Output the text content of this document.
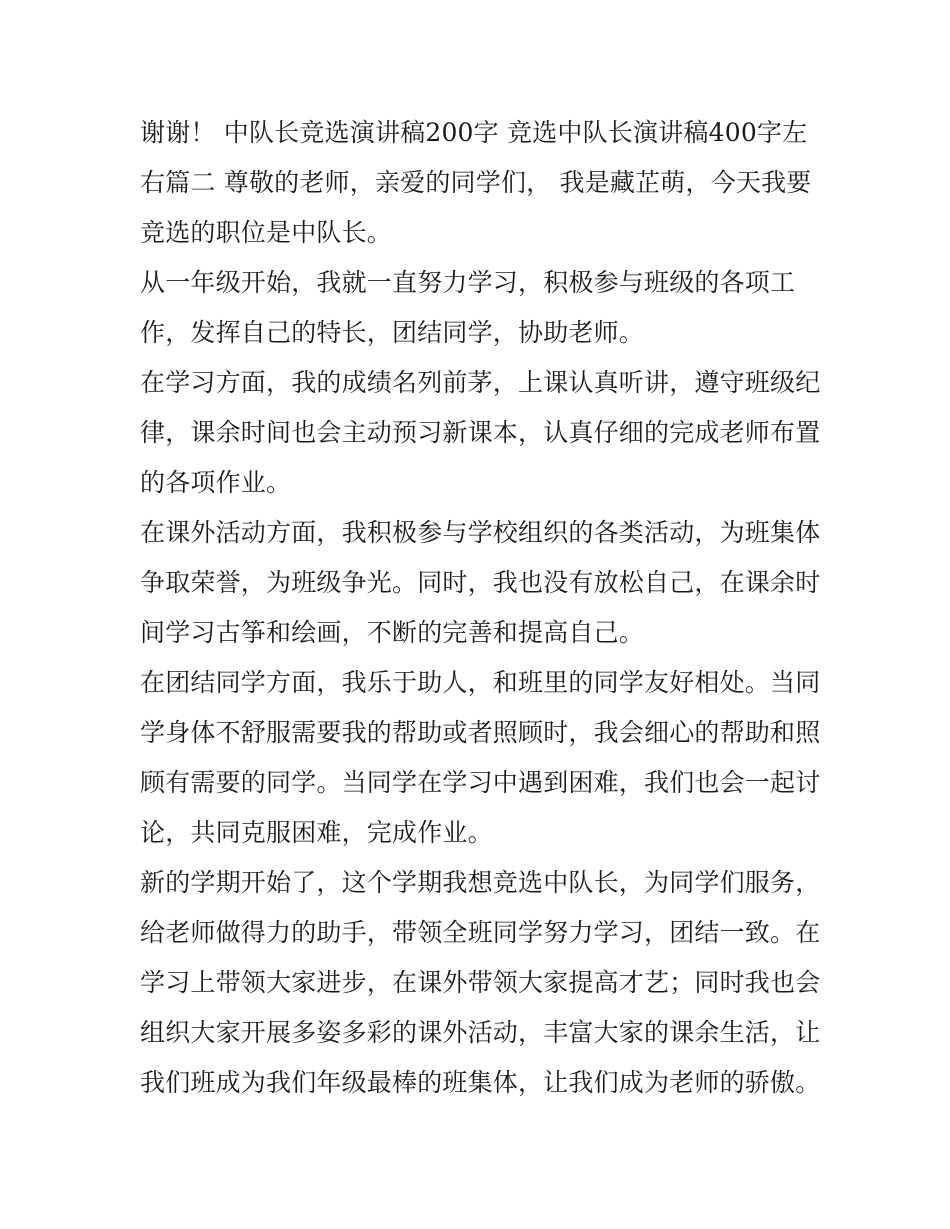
谢谢！ 中队长竞选演讲稿200字 竞选中队长演讲稿400字左
右篇二 尊敬的老师，亲爱的同学们， 我是藏芷萌，今天我要
竞选的职位是中队长。

从一年级开始，我就一直努力学习，积极参与班级的各项工
作，发挥自己的特长，团结同学，协助老师。

在学习方面，我的成绩名列前茅，上课认真听讲，遵守班级纪
律，课余时间也会主动预习新课本，认真仔细的完成老师布置
的各项作业。

在课外活动方面，我积极参与学校组织的各类活动，为班集体
争取荣誉，为班级争光。同时，我也没有放松自己，在课余时
间学习古筝和绘画，不断的完善和提高自己。

在团结同学方面，我乐于助人，和班里的同学友好相处。当同
学身体不舒服需要我的帮助或者照顾时，我会细心的帮助和照
顾有需要的同学。当同学在学习中遇到困难，我们也会一起讨
论，共同克服困难，完成作业。

新的学期开始了，这个学期我想竞选中队长，为同学们服务，
给老师做得力的助手，带领全班同学努力学习，团结一致。在
学习上带领大家进步，在课外带领大家提高才艺；同时我也会
组织大家开展多姿多彩的课外活动，丰富大家的课余生活，让
我们班成为我们年级最棒的班集体，让我们成为老师的骄傲。
